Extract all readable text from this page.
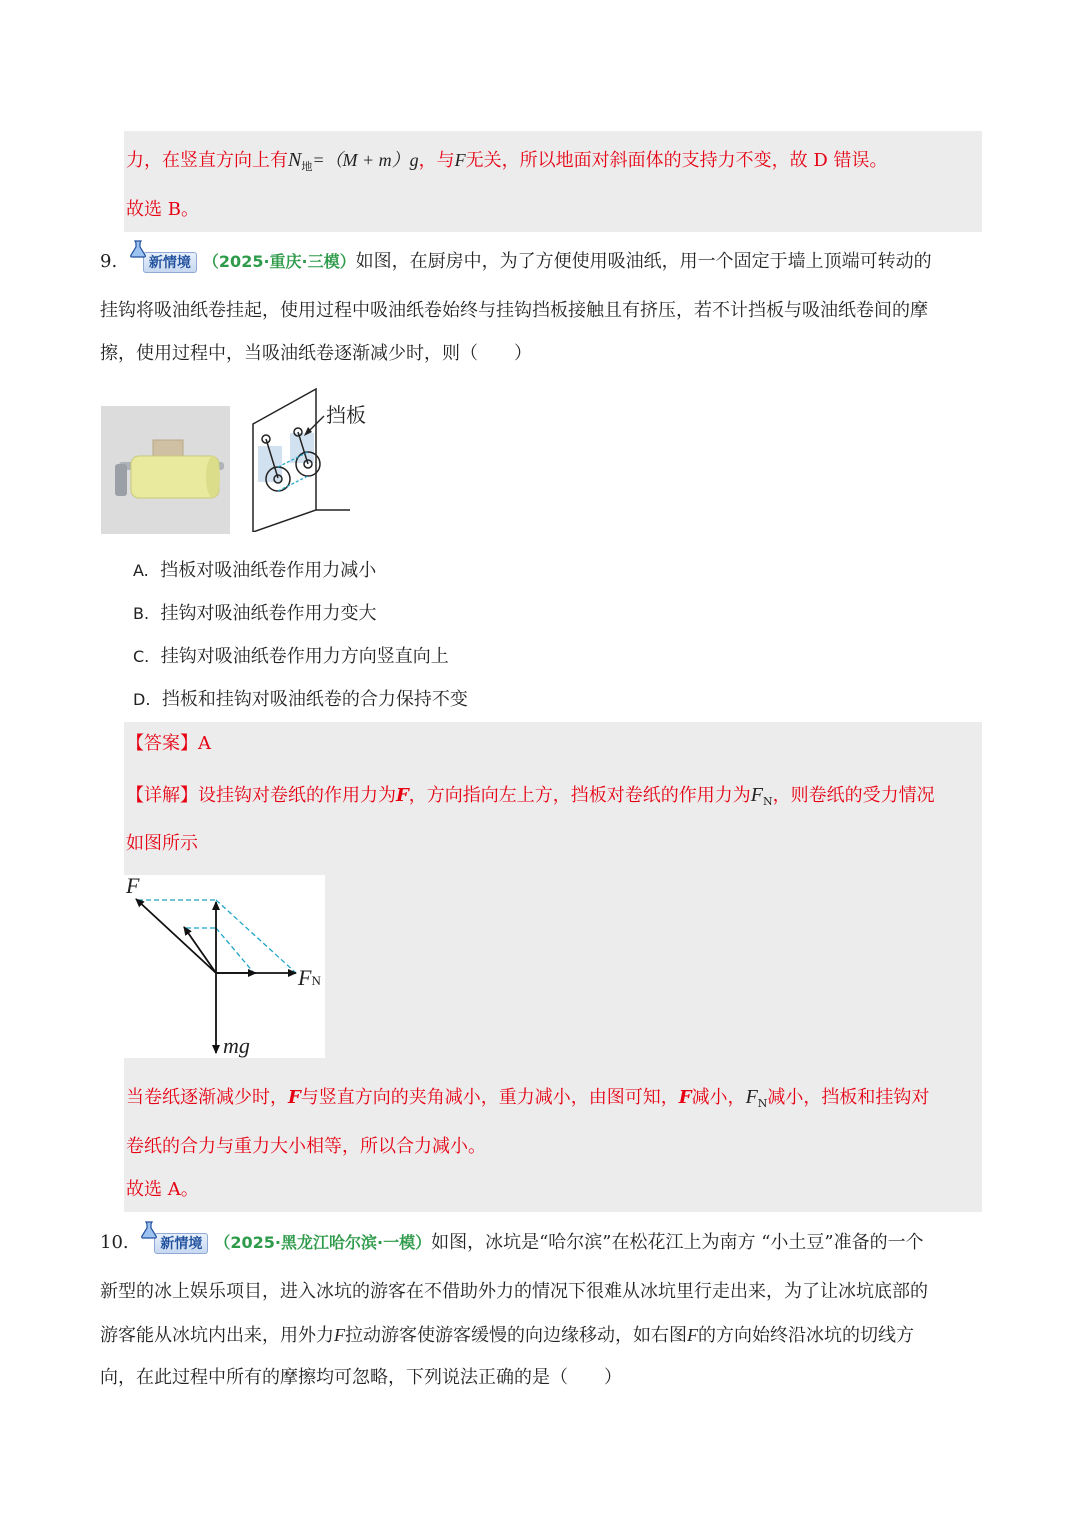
力，在竖直方向上有$N_地=(M + m)g$，与F无关，所以地面对斜面体的支持力不变，故 D 错误。
故选 B。
9. 新情境 （2025·重庆·三模）如图，在厨房中，为了方便使用吸油纸，用一个固定于墙上顶端可转动的
挂钩将吸油纸卷挂起，使用过程中吸油纸卷始终与挂钩挡板接触且有挤压，若不计挡板与吸油纸卷间的摩
擦，使用过程中，当吸油纸卷逐渐减少时，则（　　）
挡板
A. 挡板对吸油纸卷作用力减小
B. 挂钩对吸油纸卷作用力变大
C. 挂钩对吸油纸卷作用力方向竖直向上
D. 挡板和挂钩对吸油纸卷的合力保持不变
【答案】A
【详解】设挂钩对卷纸的作用力为F，方向指向左上方，挡板对卷纸的作用力为$F_N$，则卷纸的受力情况
如图所示
F
FN
mg
当卷纸逐渐减少时，F与竖直方向的夹角减小，重力减小，由图可知，F减小，$F_N$减小，挡板和挂钩对
卷纸的合力与重力大小相等，所以合力减小。
故选 A。
10. 新情境 （2025·黑龙江哈尔滨·一模）如图，冰坑是“哈尔滨”在松花江上为南方 “小土豆”准备的一个
新型的冰上娱乐项目，进入冰坑的游客在不借助外力的情况下很难从冰坑里行走出来，为了让冰坑底部的
游客能从冰坑内出来，用外力F拉动游客使游客缓慢的向边缘移动，如右图F的方向始终沿冰坑的切线方
向，在此过程中所有的摩擦均可忽略，下列说法正确的是（　　）
